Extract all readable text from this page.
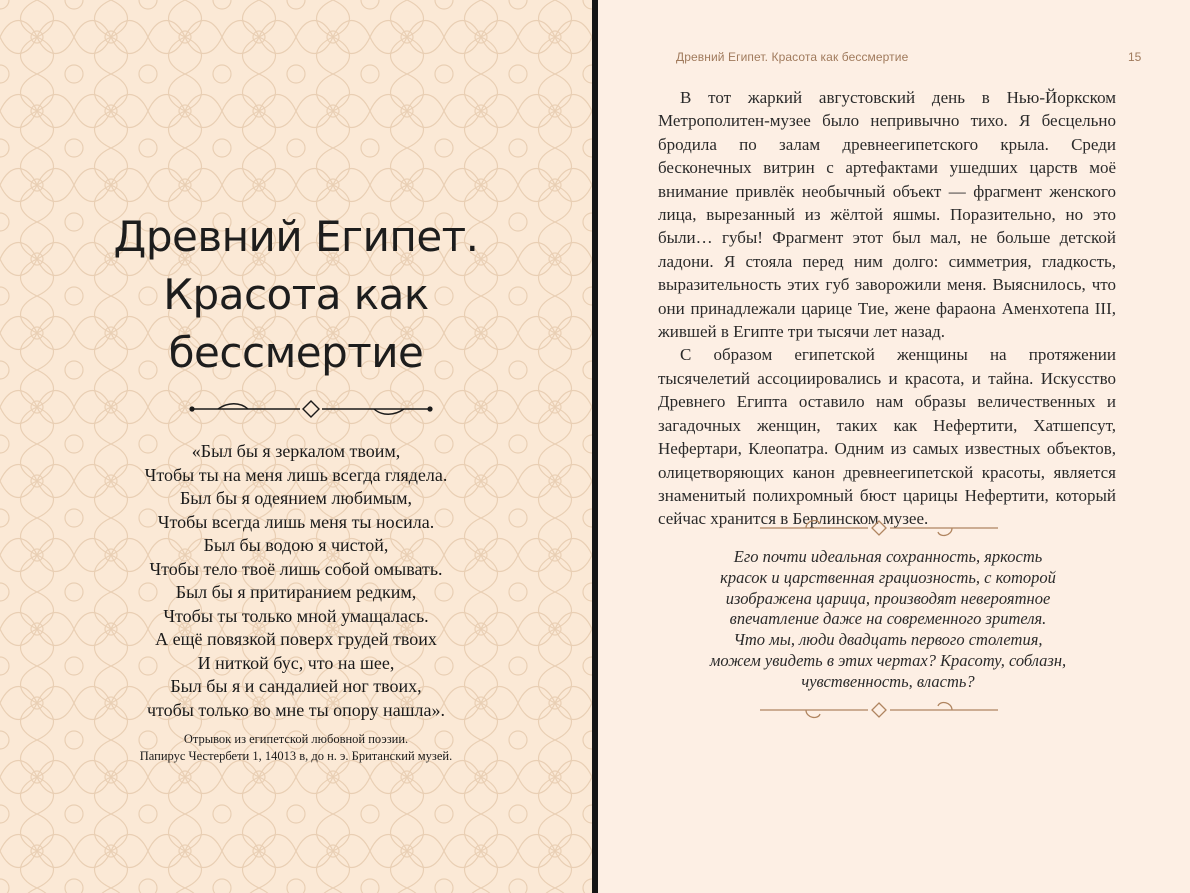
Древний Египет.
Красота как
бессмертие
«Был бы я зеркалом твоим,
Чтобы ты на меня лишь всегда глядела.
Был бы я одеянием любимым,
Чтобы всегда лишь меня ты носила.
Был бы водою я чистой,
Чтобы тело твоё лишь собой омывать.
Был бы я притиранием редким,
Чтобы ты только мной умащалась.
А ещё повязкой поверх грудей твоих
И ниткой бус, что на шее,
Был бы я и сандалией ног твоих,
чтобы только во мне ты опору нашла».
Отрывок из египетской любовной поэзии.
Папирус Честербети 1, 14013 в, до н. э. Британский музей.
Древний Египет. Красота как бессмертие	15

В тот жаркий августовский день в Нью-Йоркском Метрополитен-музее было непривычно тихо. Я бесцельно бродила по залам древнеегипетского крыла. Среди бесконечных витрин с артефактами ушедших царств моё внимание привлёк необычный объект — фрагмент женского лица, вырезанный из жёлтой яшмы. Поразительно, но это были… губы! Фрагмент этот был мал, не больше детской ладони. Я стояла перед ним долго: симметрия, гладкость, выразительность этих губ заворожили меня. Выяснилось, что они принадлежали царице Тие, жене фараона Аменхотепа III, жившей в Египте три тысячи лет назад.

С образом египетской женщины на протяжении тысячелетий ассоциировались и красота, и тайна. Искусство Древнего Египта оставило нам образы величественных и загадочных женщин, таких как Нефертити, Хатшепсут, Нефертари, Клеопатра. Одним из самых известных объектов, олицетворяющих канон древнеегипетской красоты, является знаменитый полихромный бюст царицы Нефертити, который сейчас хранится в Берлинском музее.

Его почти идеальная сохранность, яркость
красок и царственная грациозность, с которой
изображена царица, производят невероятное
впечатление даже на современного зрителя.
Что мы, люди двадцать первого столетия,
можем увидеть в этих чертах? Красоту, соблазн,
чувственность, власть?
